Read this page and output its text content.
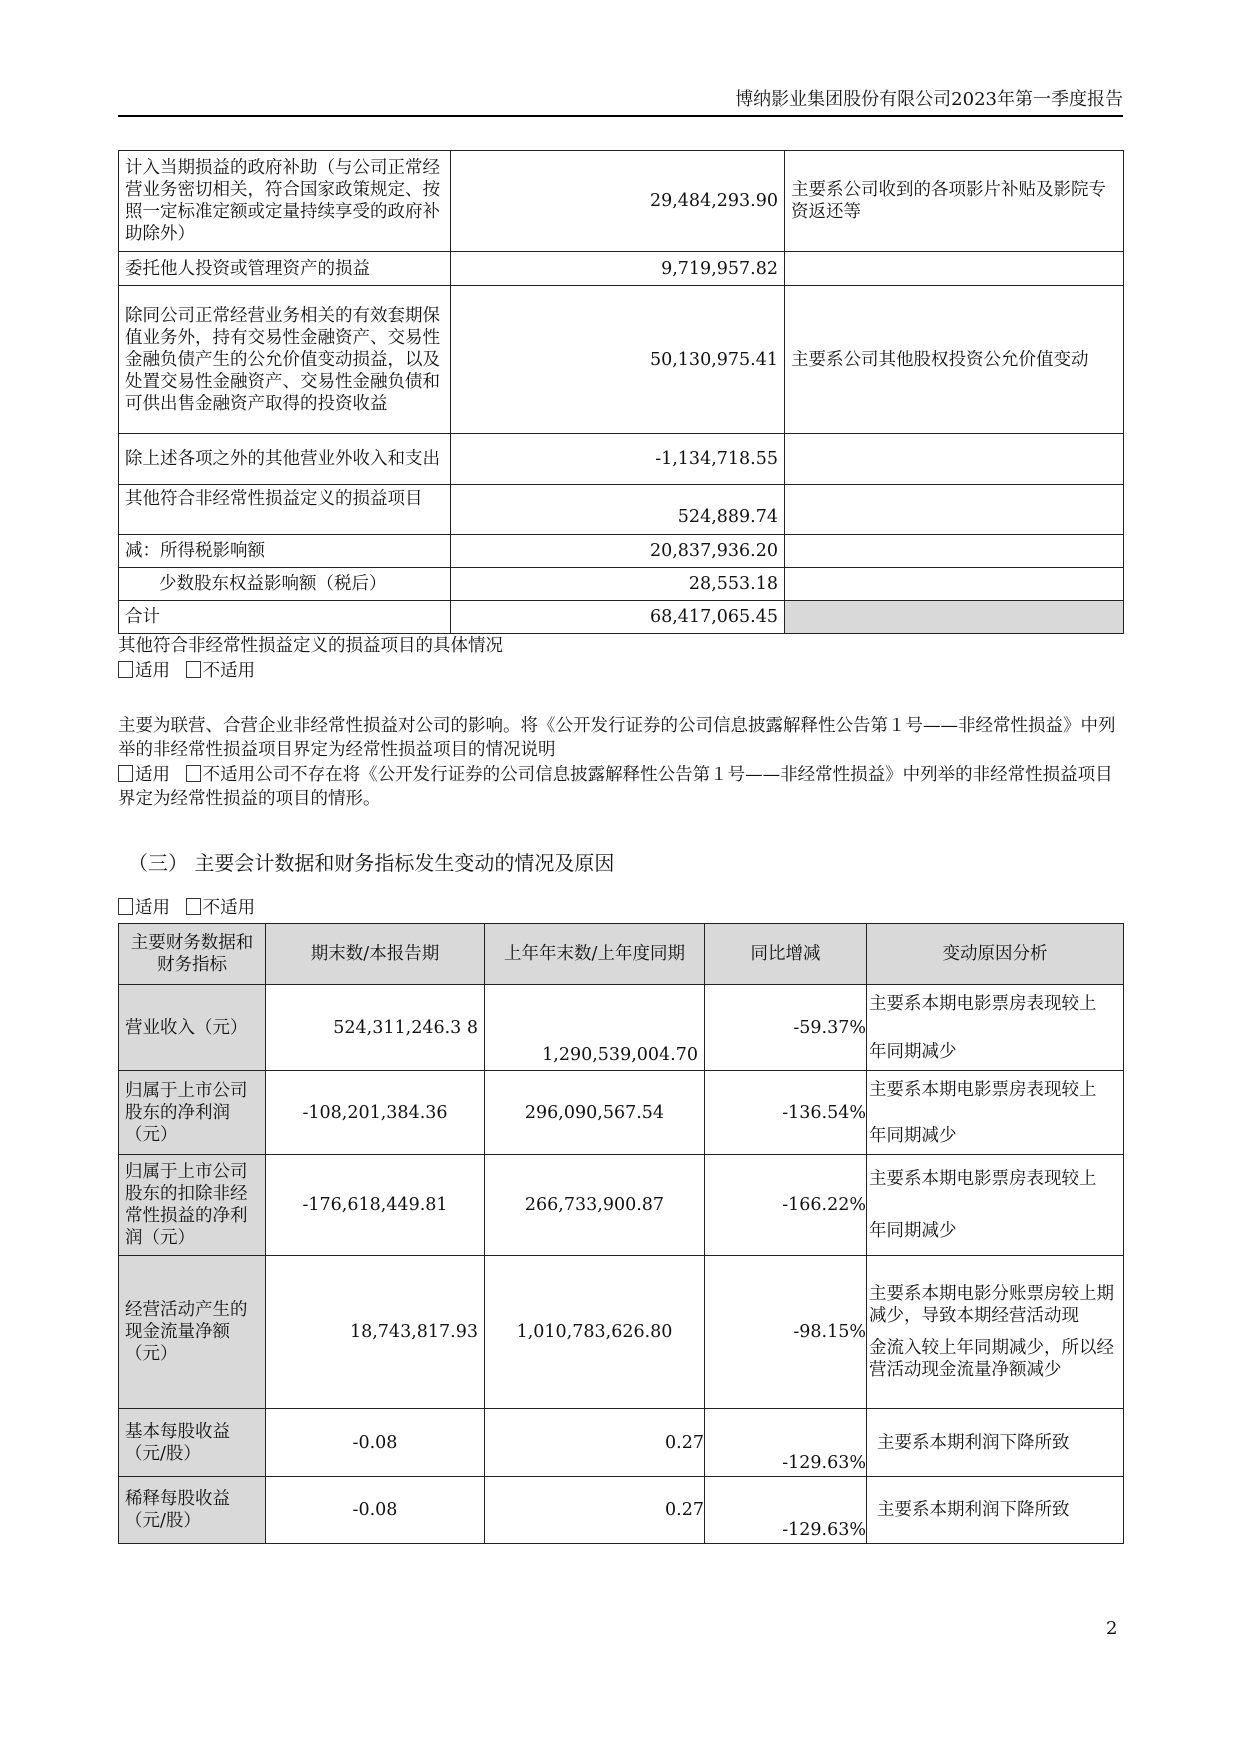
博纳影业集团股份有限公司2023年第一季度报告
计入当期损益的政府补助（与公司正常经营业务密切相关，符合国家政策规定、按照一定标准定额或定量持续享受的政府补助除外）	29,484,293.90	主要系公司收到的各项影片补贴及影院专资返还等
委托他人投资或管理资产的损益	9,719,957.82	
除同公司正常经营业务相关的有效套期保值业务外，持有交易性金融资产、交易性金融负债产生的公允价值变动损益，以及处置交易性金融资产、交易性金融负债和可供出售金融资产取得的投资收益	50,130,975.41	主要系公司其他股权投资公允价值变动
除上述各项之外的其他营业外收入和支出	-1,134,718.55	
其他符合非经常性损益定义的损益项目	524,889.74	
减：所得税影响额	20,837,936.20	
少数股东权益影响额（税后）	28,553.18	
合计	68,417,065.45	
其他符合非经常性损益定义的损益项目的具体情况
适用 不适用
主要为联营、合营企业非经常性损益对公司的影响。将《公开发行证券的公司信息披露解释性公告第１号——非经常性损益》中列举的非经常性损益项目界定为经常性损益项目的情况说明
适用 不适用公司不存在将《公开发行证券的公司信息披露解释性公告第１号——非经常性损益》中列举的非经常性损益项目界定为经常性损益的项目的情形。
（三） 主要会计数据和财务指标发生变动的情况及原因
适用 不适用
主要财务数据和财务指标	期末数/本报告期	上年年末数/上年度同期	同比增减	变动原因分析
营业收入（元）	524,311,246.3 8	1,290,539,004.70	-59.37%	主要系本期电影票房表现较上
年同期减少

归属于上市公司股东的净利润（元）	-108,201,384.36	296,090,567.54	-136.54%	主要系本期电影票房表现较上
年同期减少

归属于上市公司股东的扣除非经常性损益的净利润（元）	-176,618,449.81	266,733,900.87	-166.22%	主要系本期电影票房表现较上
年同期减少

经营活动产生的现金流量净额（元）	18,743,817.93	1,010,783,626.80	-98.15%	主要系本期电影分账票房较上期减少，导致本期经营活动现
金流入较上年同期减少，所以经营活动现金流量净额减少

基本每股收益（元/股）	-0.08	0.27	-129.63%	主要系本期利润下降所致
稀释每股收益（元/股）	-0.08	0.27	-129.63%	主要系本期利润下降所致
2
